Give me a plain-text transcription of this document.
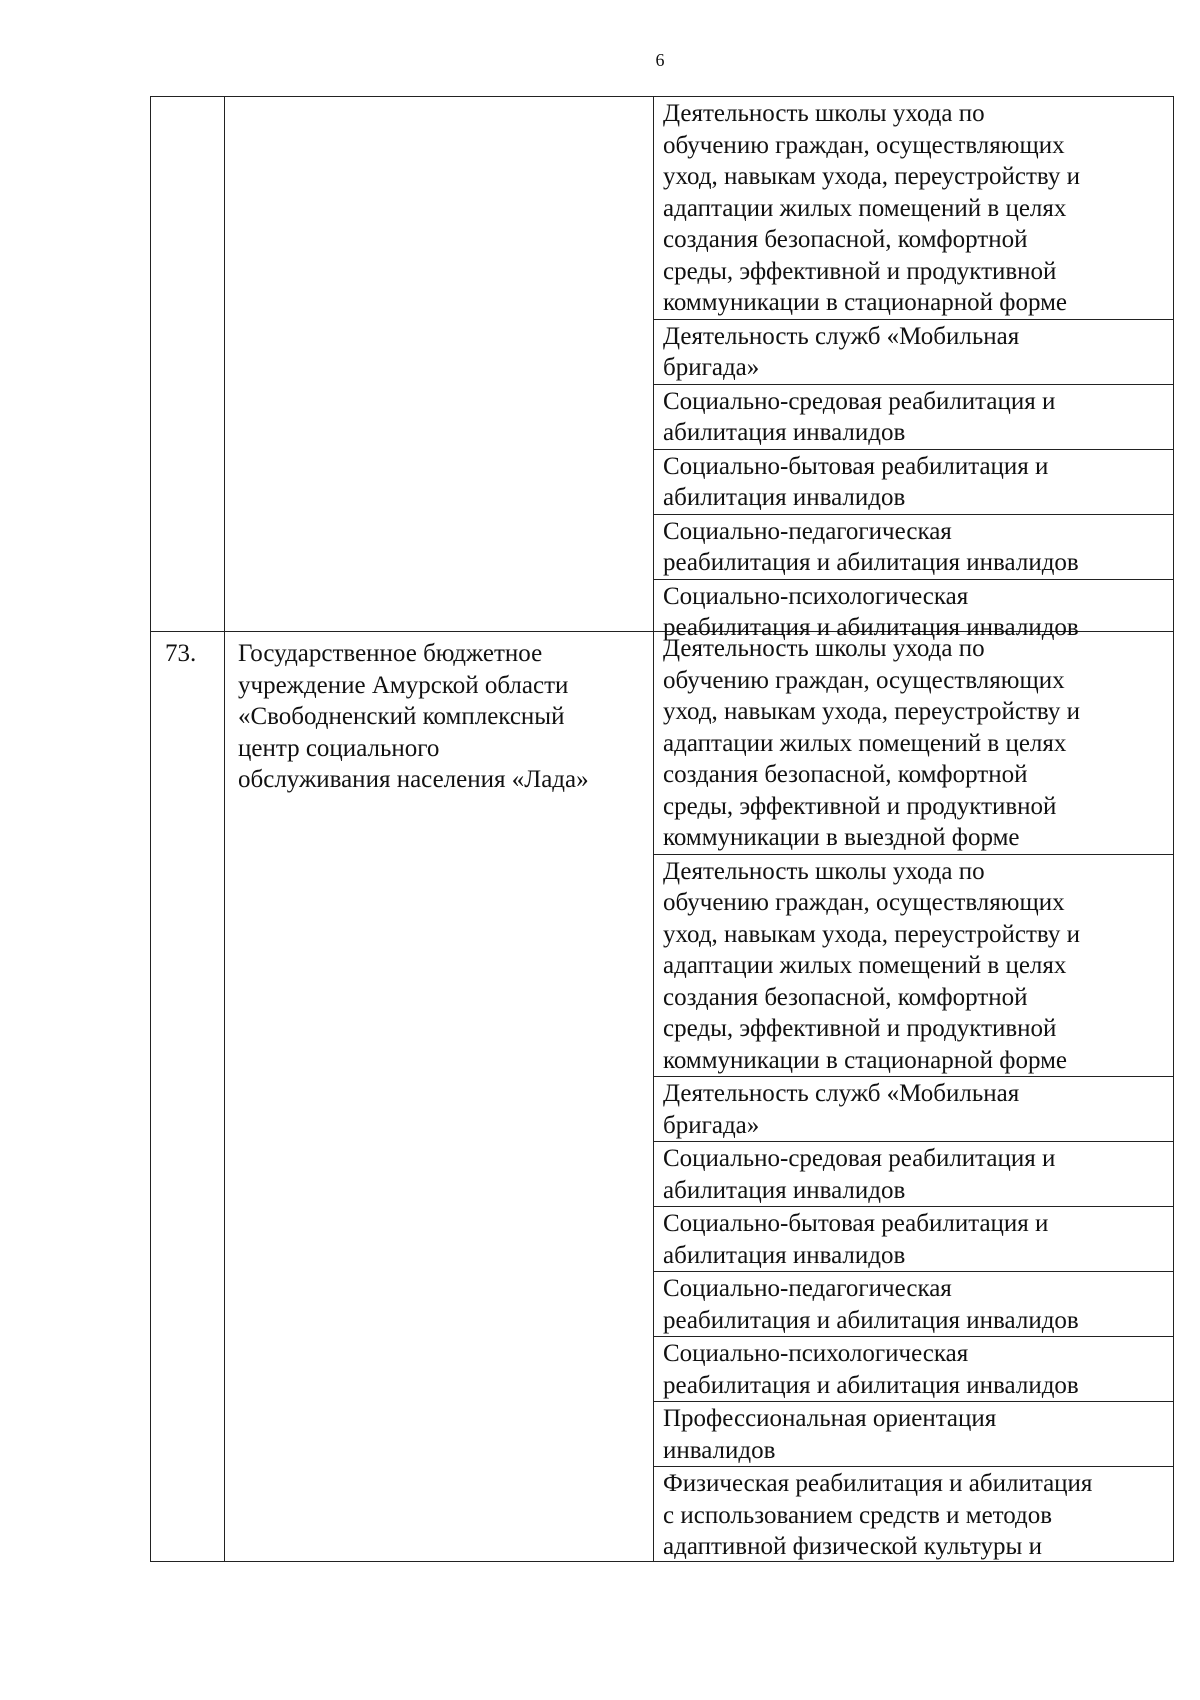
6
Деятельность школы ухода по
обучению граждан, осуществляющих
уход, навыкам ухода, переустройству и
адаптации жилых помещений в целях
создания безопасной, комфортной
среды, эффективной и продуктивной
коммуникации в стационарной форме
Деятельность служб «Мобильная
бригада»
Социально-средовая реабилитация и
абилитация инвалидов
Социально-бытовая реабилитация и
абилитация инвалидов
Социально-педагогическая
реабилитация и абилитация инвалидов
Социально-психологическая
реабилитация и абилитация инвалидов
73.	Государственное бюджетное
учреждение Амурской области
«Свободненский комплексный
центр социального
обслуживания населения «Лада»
Деятельность школы ухода по
обучению граждан, осуществляющих
уход, навыкам ухода, переустройству и
адаптации жилых помещений в целях
создания безопасной, комфортной
среды, эффективной и продуктивной
коммуникации в выездной форме
Деятельность школы ухода по
обучению граждан, осуществляющих
уход, навыкам ухода, переустройству и
адаптации жилых помещений в целях
создания безопасной, комфортной
среды, эффективной и продуктивной
коммуникации в стационарной форме
Деятельность служб «Мобильная
бригада»
Социально-средовая реабилитация и
абилитация инвалидов
Социально-бытовая реабилитация и
абилитация инвалидов
Социально-педагогическая
реабилитация и абилитация инвалидов
Социально-психологическая
реабилитация и абилитация инвалидов
Профессиональная ориентация
инвалидов
Физическая реабилитация и абилитация
с использованием средств и методов
адаптивной физической культуры и
